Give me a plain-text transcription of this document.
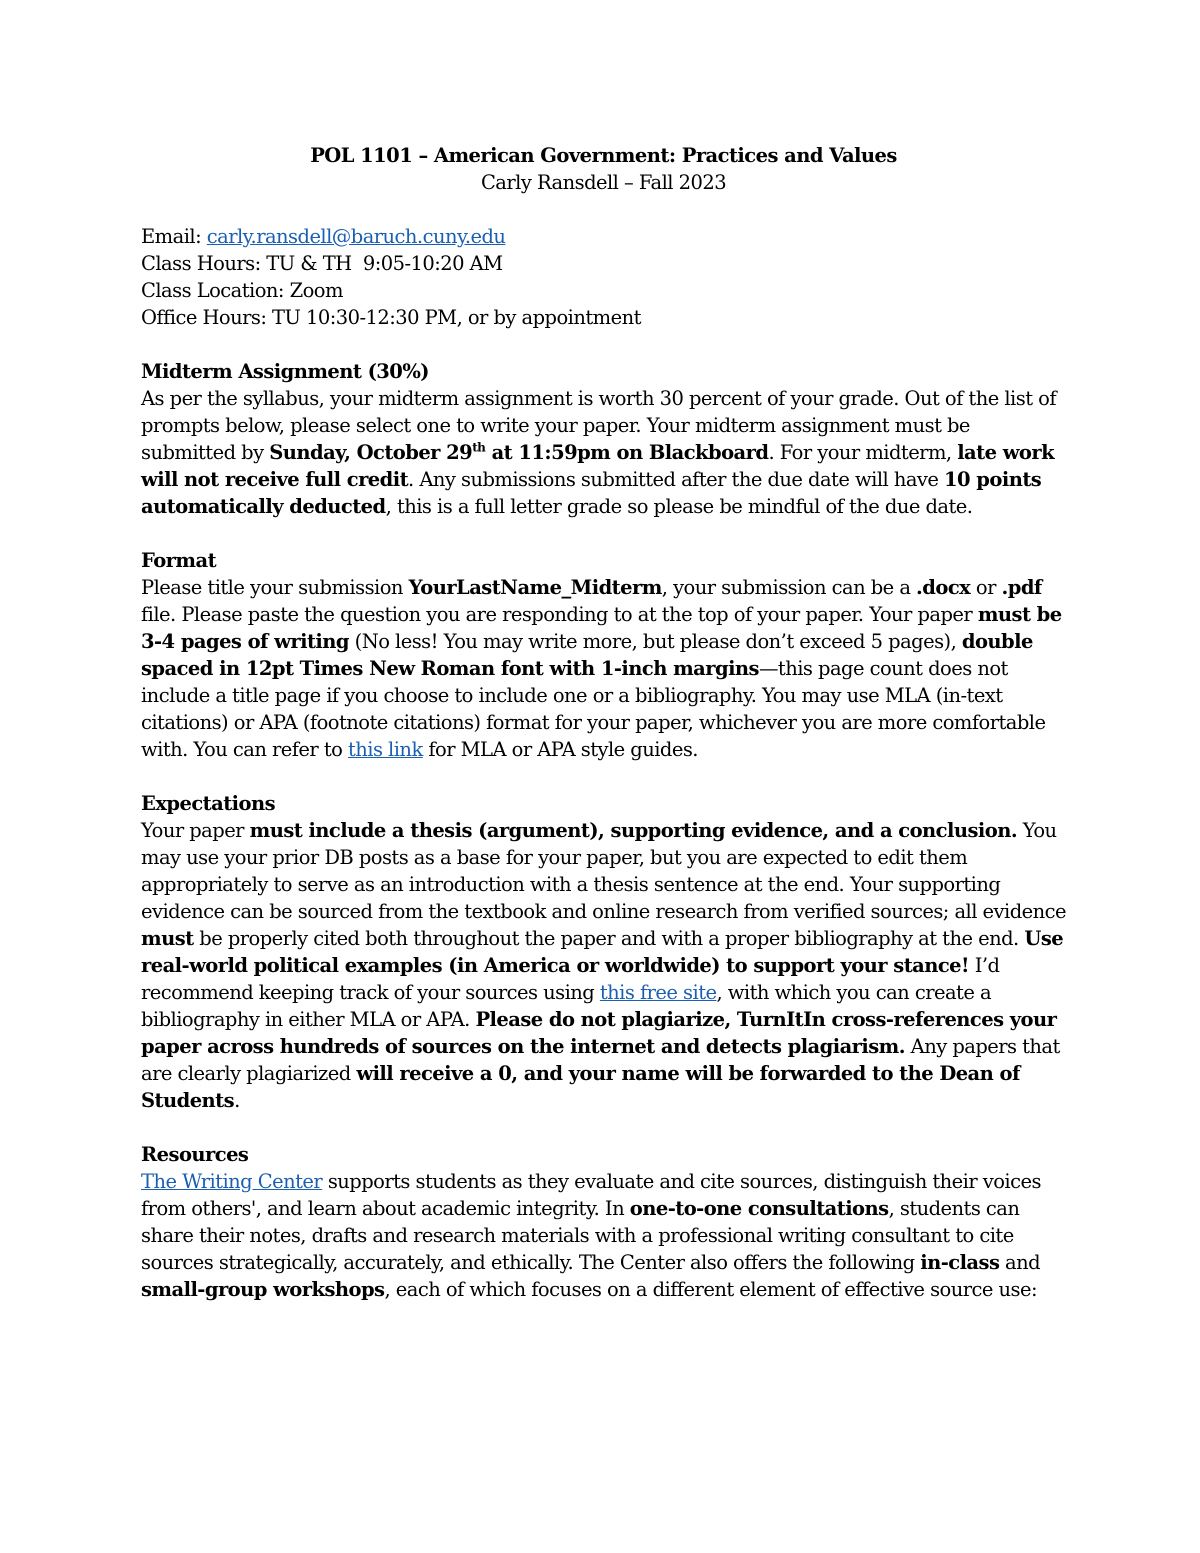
POL 1101 – American Government: Practices and Values

Carly Ransdell – Fall 2023

Email: carly.ransdell@baruch.cuny.edu

Class Hours: TU & TH  9:05-10:20 AM

Class Location: Zoom

Office Hours: TU 10:30-12:30 PM, or by appointment

Midterm Assignment (30%)

As per the syllabus, your midterm assignment is worth 30 percent of your grade. Out of the list of prompts below, please select one to write your paper. Your midterm assignment must be submitted by Sunday, October 29th at 11:59pm on Blackboard. For your midterm, late work will not receive full credit. Any submissions submitted after the due date will have 10 points automatically deducted, this is a full letter grade so please be mindful of the due date.

Format

Please title your submission YourLastName_Midterm, your submission can be a .docx or .pdf file. Please paste the question you are responding to at the top of your paper. Your paper must be 3-4 pages of writing (No less! You may write more, but please don’t exceed 5 pages), double spaced in 12pt Times New Roman font with 1-inch margins—this page count does not include a title page if you choose to include one or a bibliography. You may use MLA (in-text citations) or APA (footnote citations) format for your paper, whichever you are more comfortable with. You can refer to this link for MLA or APA style guides.

Expectations

Your paper must include a thesis (argument), supporting evidence, and a conclusion. You may use your prior DB posts as a base for your paper, but you are expected to edit them appropriately to serve as an introduction with a thesis sentence at the end. Your supporting evidence can be sourced from the textbook and online research from verified sources; all evidence must be properly cited both throughout the paper and with a proper bibliography at the end. Use real-world political examples (in America or worldwide) to support your stance! I’d recommend keeping track of your sources using this free site, with which you can create a bibliography in either MLA or APA. Please do not plagiarize, TurnItIn cross-references your paper across hundreds of sources on the internet and detects plagiarism. Any papers that are clearly plagiarized will receive a 0, and your name will be forwarded to the Dean of Students.

Resources

The Writing Center supports students as they evaluate and cite sources, distinguish their voices from others', and learn about academic integrity. In one-to-one consultations, students can share their notes, drafts and research materials with a professional writing consultant to cite sources strategically, accurately, and ethically. The Center also offers the following in-class and small-group workshops, each of which focuses on a different element of effective source use:
